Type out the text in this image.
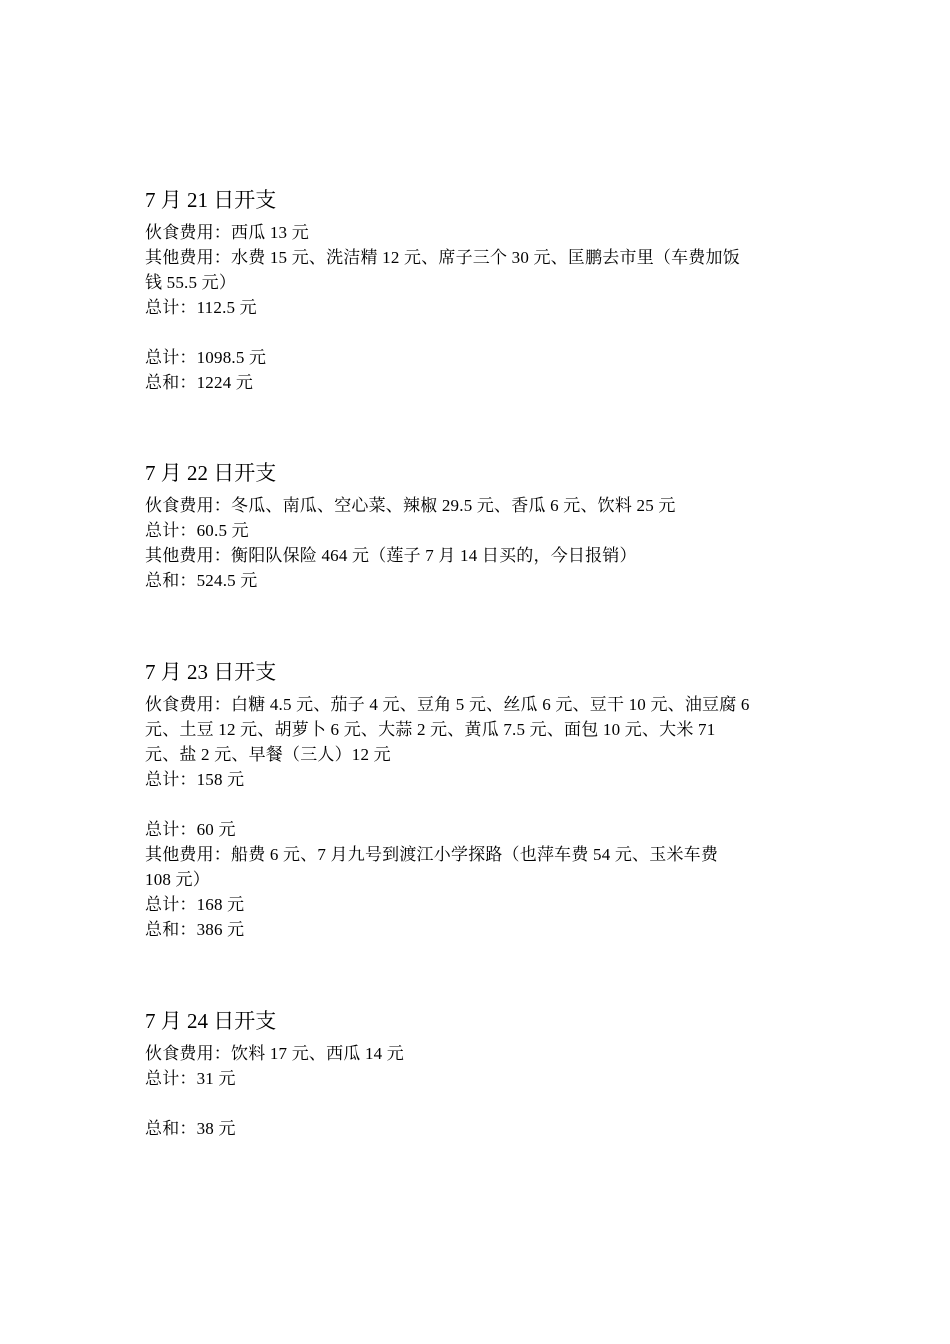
7 月 21 日开支

伙食费用：西瓜 13 元

其他费用：水费 15 元、洗洁精 12 元、席子三个 30 元、匡鹏去市里（车费加饭

钱 55.5 元）

总计：112.5 元

总计：1098.5 元

总和：1224 元

7 月 22 日开支

伙食费用：冬瓜、南瓜、空心菜、辣椒 29.5 元、香瓜 6 元、饮料 25 元

总计：60.5 元

其他费用：衡阳队保险 464 元（莲子 7 月 14 日买的，今日报销）

总和：524.5 元

7 月 23 日开支

伙食费用：白糖 4.5 元、茄子 4 元、豆角 5 元、丝瓜 6 元、豆干 10 元、油豆腐 6

元、土豆 12 元、胡萝卜 6 元、大蒜 2 元、黄瓜 7.5 元、面包 10 元、大米 71

元、盐 2 元、早餐（三人）12 元

总计：158 元

总计：60 元

其他费用：船费 6 元、7 月九号到渡江小学探路（也萍车费 54 元、玉米车费

108 元）

总计：168 元

总和：386 元

7 月 24 日开支

伙食费用：饮料 17 元、西瓜 14 元

总计：31 元

总和：38 元
